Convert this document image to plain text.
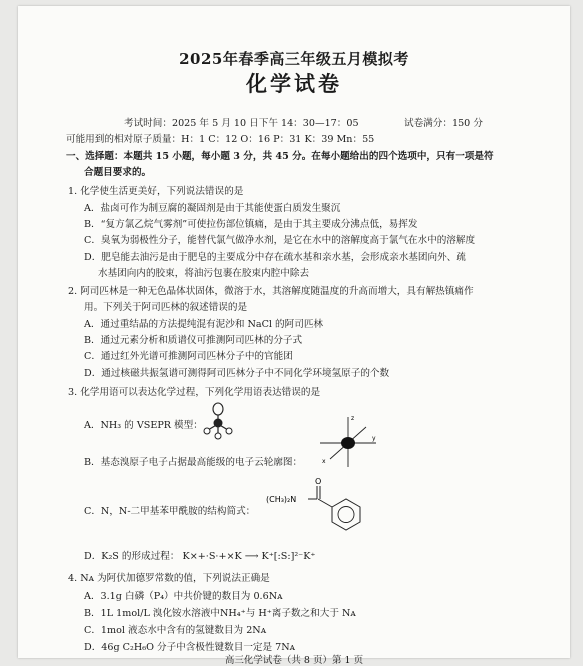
2025年春季高三年级五月模拟考
化学试卷
考试时间：2025 年 5 月 10 日下午 14：30—17：05	试卷满分：150 分
可能用到的相对原子质量：H：1 C：12 O：16 P：31 K：39 Mn：55
一、选择题：本题共 15 小题，每小题 3 分，共 45 分。在每小题给出的四个选项中，只有一项是符
合题目要求的。
1. 化学使生活更美好，下列说法错误的是
A．盐卤可作为制豆腐的凝固剂是由于其能使蛋白质发生聚沉
B．“复方氯乙烷气雾剂”可使拉伤部位镇痛，是由于其主要成分沸点低，易挥发
C．臭氧为弱极性分子，能替代氯气做净水剂，是它在水中的溶解度高于氯气在水中的溶解度
D．肥皂能去油污是由于肥皂的主要成分中存在疏水基和亲水基，会形成亲水基团向外、疏
水基团向内的胶束，将油污包裹在胶束内腔中除去
2. 阿司匹林是一种无色晶体状固体，微溶于水，其溶解度随温度的升高而增大，具有解热镇痛作
用。下列关于阿司匹林的叙述错误的是
A．通过重结晶的方法提纯混有泥沙和 NaCl 的阿司匹林
B．通过元素分析和质谱仪可推测阿司匹林的分子式
C．通过红外光谱可推测阿司匹林分子中的官能团
D．通过核磁共振氢谱可测得阿司匹林分子中不同化学环境氢原子的个数
3. 化学用语可以表达化学过程，下列化学用语表达错误的是
A．NH₃ 的 VSEPR 模型：
B．基态溴原子电子占据最高能级的电子云轮廓图：
z
y
x
C．N，N-二甲基苯甲酰胺的结构简式：
(CH₃)₂N
O
D．K₂S 的形成过程： K×+·S·+×K ⟶ K⁺[:S:]²⁻K⁺
4. Nᴀ 为阿伏加德罗常数的值，下列说法正确是
A．3.1g 白磷（P₄）中共价键的数目为 0.6Nᴀ
B．1L 1mol/L 溴化铵水溶液中NH₄⁺与 H⁺离子数之和大于 Nᴀ
C．1mol 液态水中含有的氢键数目为 2Nᴀ
D．46g C₂H₆O 分子中含极性键数目一定是 7Nᴀ
高三化学试卷（共 8 页）第 1 页
